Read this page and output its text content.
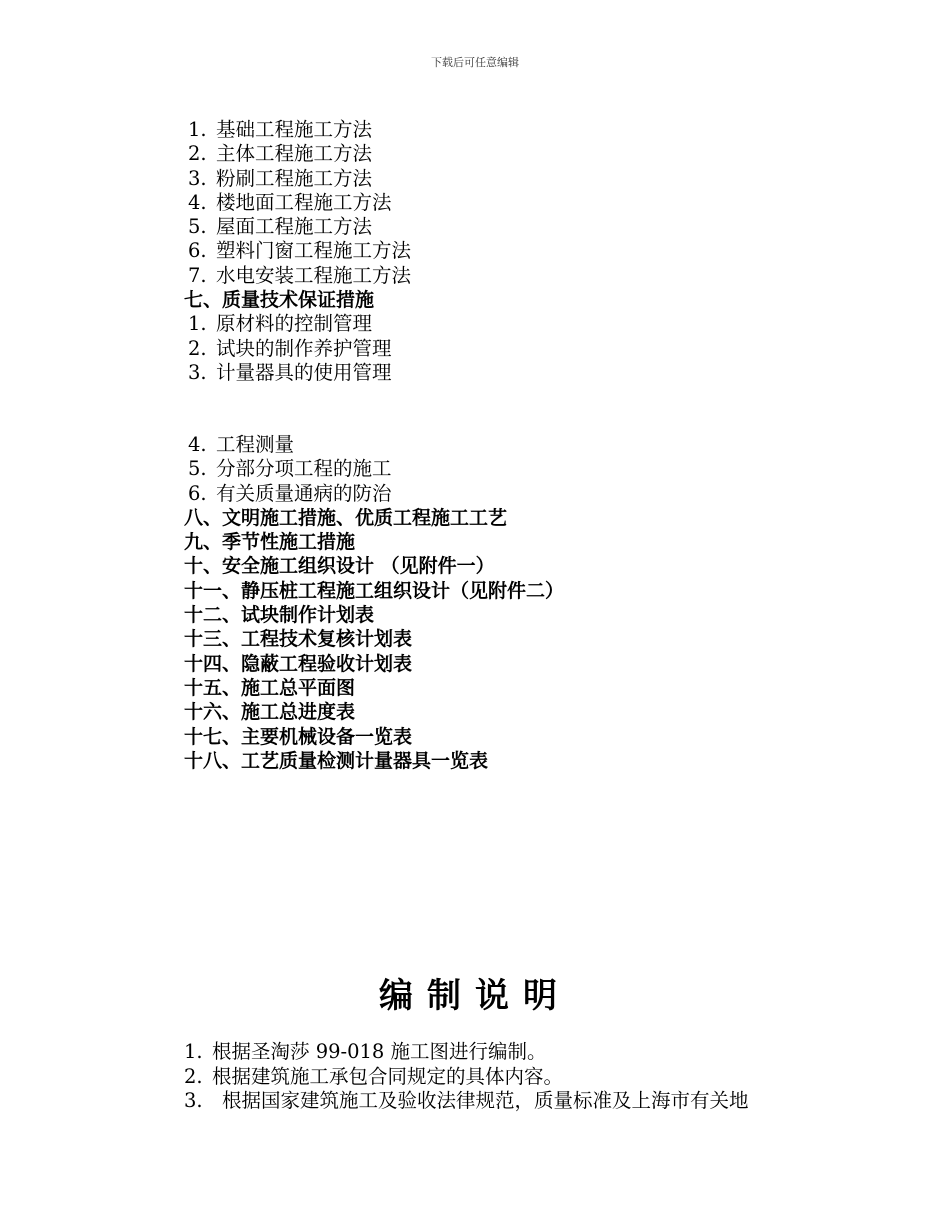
下载后可任意编辑
1. 基础工程施工方法
2. 主体工程施工方法
3. 粉刷工程施工方法
4. 楼地面工程施工方法
5. 屋面工程施工方法
6. 塑料门窗工程施工方法
7. 水电安装工程施工方法
七、质量技术保证措施
1. 原材料的控制管理
2. 试块的制作养护管理
3. 计量器具的使用管理
4. 工程测量
5. 分部分项工程的施工
6. 有关质量通病的防治
八、文明施工措施、优质工程施工工艺
九、季节性施工措施
十、安全施工组织设计 （见附件一）
十一、静压桩工程施工组织设计（见附件二）
十二、试块制作计划表
十三、工程技术复核计划表
十四、隐蔽工程验收计划表
十五、施工总平面图
十六、施工总进度表
十七、主要机械设备一览表
十八、工艺质量检测计量器具一览表
编制说明
1. 根据圣淘莎 99-018 施工图进行编制。
2. 根据建筑施工承包合同规定的具体内容。
3. 根据国家建筑施工及验收法律规范，质量标准及上海市有关地
